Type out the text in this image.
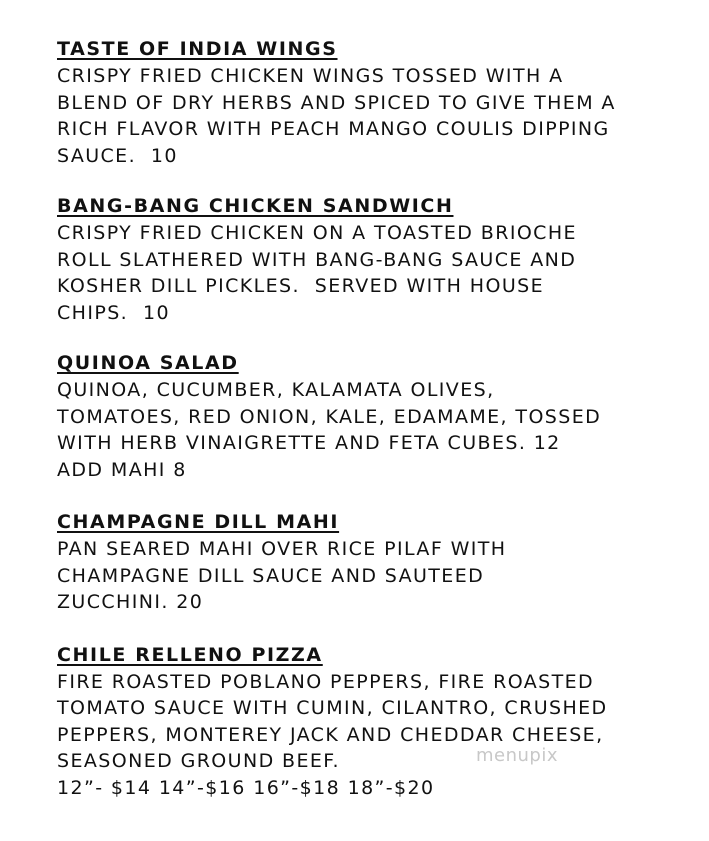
TASTE OF INDIA WINGS
CRISPY FRIED CHICKEN WINGS TOSSED WITH A
BLEND OF DRY HERBS AND SPICED TO GIVE THEM A
RICH FLAVOR WITH PEACH MANGO COULIS DIPPING
SAUCE.  10
BANG-BANG CHICKEN SANDWICH
CRISPY FRIED CHICKEN ON A TOASTED BRIOCHE
ROLL SLATHERED WITH BANG-BANG SAUCE AND
KOSHER DILL PICKLES.  SERVED WITH HOUSE
CHIPS.  10
QUINOA SALAD
QUINOA, CUCUMBER, KALAMATA OLIVES,
TOMATOES, RED ONION, KALE, EDAMAME, TOSSED
WITH HERB VINAIGRETTE AND FETA CUBES. 12
ADD MAHI 8
CHAMPAGNE DILL MAHI
PAN SEARED MAHI OVER RICE PILAF WITH
CHAMPAGNE DILL SAUCE AND SAUTEED
ZUCCHINI. 20
CHILE RELLENO PIZZA
FIRE ROASTED POBLANO PEPPERS, FIRE ROASTED
TOMATO SAUCE WITH CUMIN, CILANTRO, CRUSHED
PEPPERS, MONTEREY JACK AND CHEDDAR CHEESE,
SEASONED GROUND BEEF.
12”- $14 14”-$16 16”-$18 18”-$20
menupix
